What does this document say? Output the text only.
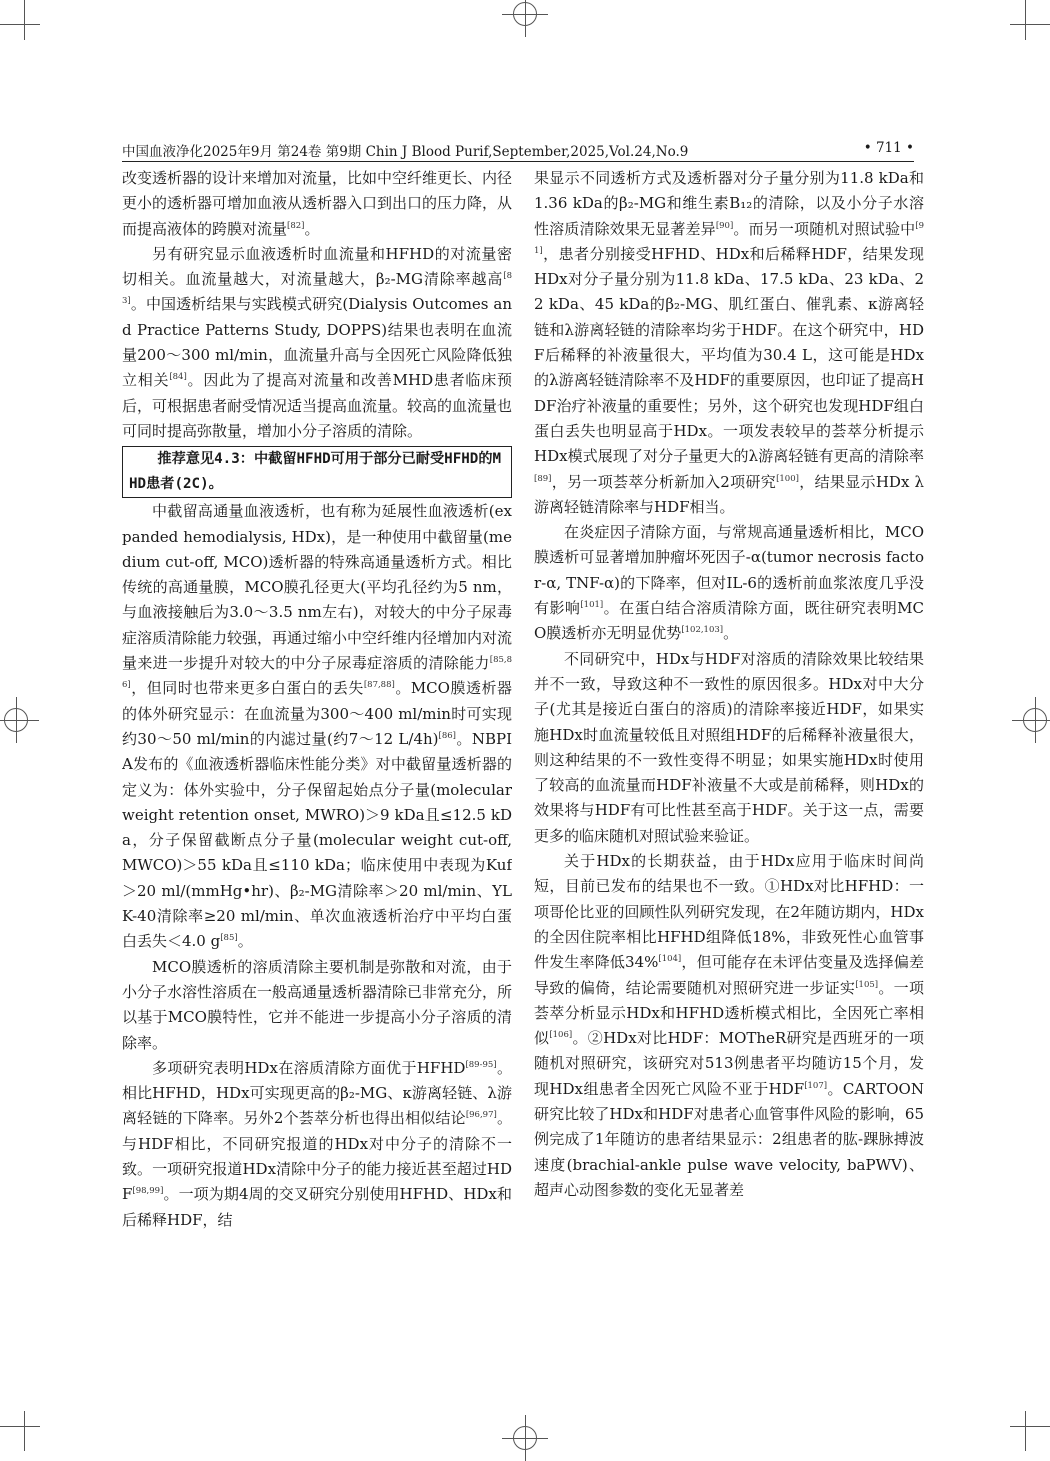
中国血液净化2025年9月 第24卷 第9期 Chin J Blood Purif,September,2025,Vol.24,No.9	• 711 •

改变透析器的设计来增加对流量，比如中空纤维更长、内径更小的透析器可增加血液从透析器入口到出口的压力降，从而提高液体的跨膜对流量[82]。

另有研究显示血液透析时血流量和HFHD的对流量密切相关。血流量越大，对流量越大，β₂-MG清除率越高[83]。中国透析结果与实践模式研究(Dialysis Outcomes and Practice Patterns Study, DOPPS)结果也表明在血流量200～300 ml/min，血流量升高与全因死亡风险降低独立相关[84]。因此为了提高对流量和改善MHD患者临床预后，可根据患者耐受情况适当提高血流量。较高的血流量也可同时提高弥散量，增加小分子溶质的清除。

推荐意见4.3：中截留HFHD可用于部分已耐受HFHD的MHD患者(2C)。

中截留高通量血液透析，也有称为延展性血液透析(expanded hemodialysis, HDx)，是一种使用中截留量(medium cut-off, MCO)透析器的特殊高通量透析方式。相比传统的高通量膜，MCO膜孔径更大(平均孔径约为5 nm，与血液接触后为3.0～3.5 nm左右)，对较大的中分子尿毒症溶质清除能力较强，再通过缩小中空纤维内径增加内对流量来进一步提升对较大的中分子尿毒症溶质的清除能力[85,86]，但同时也带来更多白蛋白的丢失[87,88]。MCO膜透析器的体外研究显示：在血流量为300～400 ml/min时可实现约30～50 ml/min的内滤过量(约7～12 L/4h)[86]。NBPIA发布的《血液透析器临床性能分类》对中截留量透析器的定义为：体外实验中，分子保留起始点分子量(molecular weight retention onset, MWRO)＞9 kDa且≤12.5 kDa，分子保留截断点分子量(molecular weight cut-off, MWCO)＞55 kDa且≤110 kDa；临床使用中表现为Kuf＞20 ml/(mmHg•hr)、β₂-MG清除率＞20 ml/min、YLK-40清除率≥20 ml/min、单次血液透析治疗中平均白蛋白丢失＜4.0 g[85]。

MCO膜透析的溶质清除主要机制是弥散和对流，由于小分子水溶性溶质在一般高通量透析器清除已非常充分，所以基于MCO膜特性，它并不能进一步提高小分子溶质的清除率。

多项研究表明HDx在溶质清除方面优于HFHD[89-95]。相比HFHD，HDx可实现更高的β₂-MG、κ游离轻链、λ游离轻链的下降率。另外2个荟萃分析也得出相似结论[96,97]。与HDF相比，不同研究报道的HDx对中分子的清除不一致。一项研究报道HDx清除中分子的能力接近甚至超过HDF[98,99]。一项为期4周的交叉研究分别使用HFHD、HDx和后稀释HDF，结

果显示不同透析方式及透析器对分子量分别为11.8 kDa和1.36 kDa的β₂-MG和维生素B₁₂的清除，以及小分子水溶性溶质清除效果无显著差异[90]。而另一项随机对照试验中[91]，患者分别接受HFHD、HDx和后稀释HDF，结果发现HDx对分子量分别为11.8 kDa、17.5 kDa、23 kDa、22 kDa、45 kDa的β₂-MG、肌红蛋白、催乳素、κ游离轻链和λ游离轻链的清除率均劣于HDF。在这个研究中，HDF后稀释的补液量很大，平均值为30.4 L，这可能是HDx的λ游离轻链清除率不及HDF的重要原因，也印证了提高HDF治疗补液量的重要性；另外，这个研究也发现HDF组白蛋白丢失也明显高于HDx。一项发表较早的荟萃分析提示HDx模式展现了对分子量更大的λ游离轻链有更高的清除率[89]，另一项荟萃分析新加入2项研究[100]，结果显示HDx λ游离轻链清除率与HDF相当。

在炎症因子清除方面，与常规高通量透析相比，MCO膜透析可显著增加肿瘤坏死因子-α(tumor necrosis factor-α, TNF-α)的下降率，但对IL-6的透析前血浆浓度几乎没有影响[101]。在蛋白结合溶质清除方面，既往研究表明MCO膜透析亦无明显优势[102,103]。

不同研究中，HDx与HDF对溶质的清除效果比较结果并不一致，导致这种不一致性的原因很多。HDx对中大分子(尤其是接近白蛋白的溶质)的清除率接近HDF，如果实施HDx时血流量较低且对照组HDF的后稀释补液量很大，则这种结果的不一致性变得不明显；如果实施HDx时使用了较高的血流量而HDF补液量不大或是前稀释，则HDx的效果将与HDF有可比性甚至高于HDF。关于这一点，需要更多的临床随机对照试验来验证。

关于HDx的长期获益，由于HDx应用于临床时间尚短，目前已发布的结果也不一致。①HDx对比HFHD：一项哥伦比亚的回顾性队列研究发现，在2年随访期内，HDx的全因住院率相比HFHD组降低18%，非致死性心血管事件发生率降低34%[104]，但可能存在未评估变量及选择偏差导致的偏倚，结论需要随机对照研究进一步证实[105]。一项荟萃分析显示HDx和HFHD透析模式相比，全因死亡率相似[106]。②HDx对比HDF：MOTheR研究是西班牙的一项随机对照研究，该研究对513例患者平均随访15个月，发现HDx组患者全因死亡风险不亚于HDF[107]。CARTOON研究比较了HDx和HDF对患者心血管事件风险的影响，65例完成了1年随访的患者结果显示：2组患者的肱-踝脉搏波速度(brachial-ankle pulse wave velocity, baPWV)、超声心动图参数的变化无显著差
